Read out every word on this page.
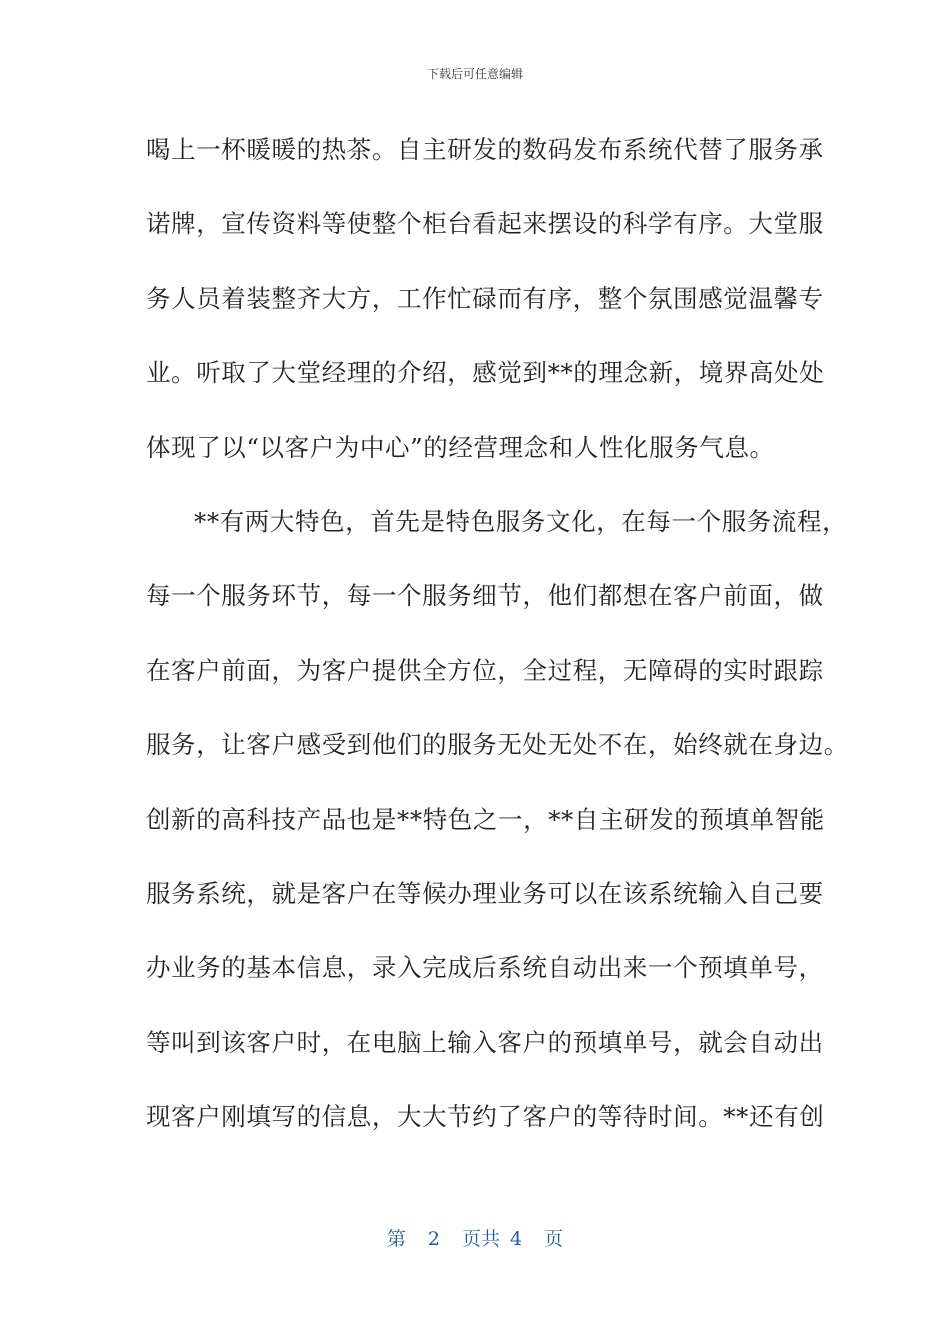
下载后可任意编辑
喝上一杯暖暖的热茶。自主研发的数码发布系统代替了服务承
诺牌，宣传资料等使整个柜台看起来摆设的科学有序。大堂服
务人员着装整齐大方，工作忙碌而有序，整个氛围感觉温馨专
业。听取了大堂经理的介绍，感觉到**的理念新，境界高处处
体现了以“以客户为中心”的经营理念和人性化服务气息。
**有两大特色，首先是特色服务文化，在每一个服务流程，
每一个服务环节，每一个服务细节，他们都想在客户前面，做
在客户前面，为客户提供全方位，全过程，无障碍的实时跟踪
服务，让客户感受到他们的服务无处无处不在，始终就在身边。
创新的高科技产品也是**特色之一，**自主研发的预填单智能
服务系统，就是客户在等候办理业务可以在该系统输入自己要
办业务的基本信息，录入完成后系统自动出来一个预填单号，
等叫到该客户时，在电脑上输入客户的预填单号，就会自动出
现客户刚填写的信息，大大节约了客户的等待时间。**还有创
第 2 页共 4 页
